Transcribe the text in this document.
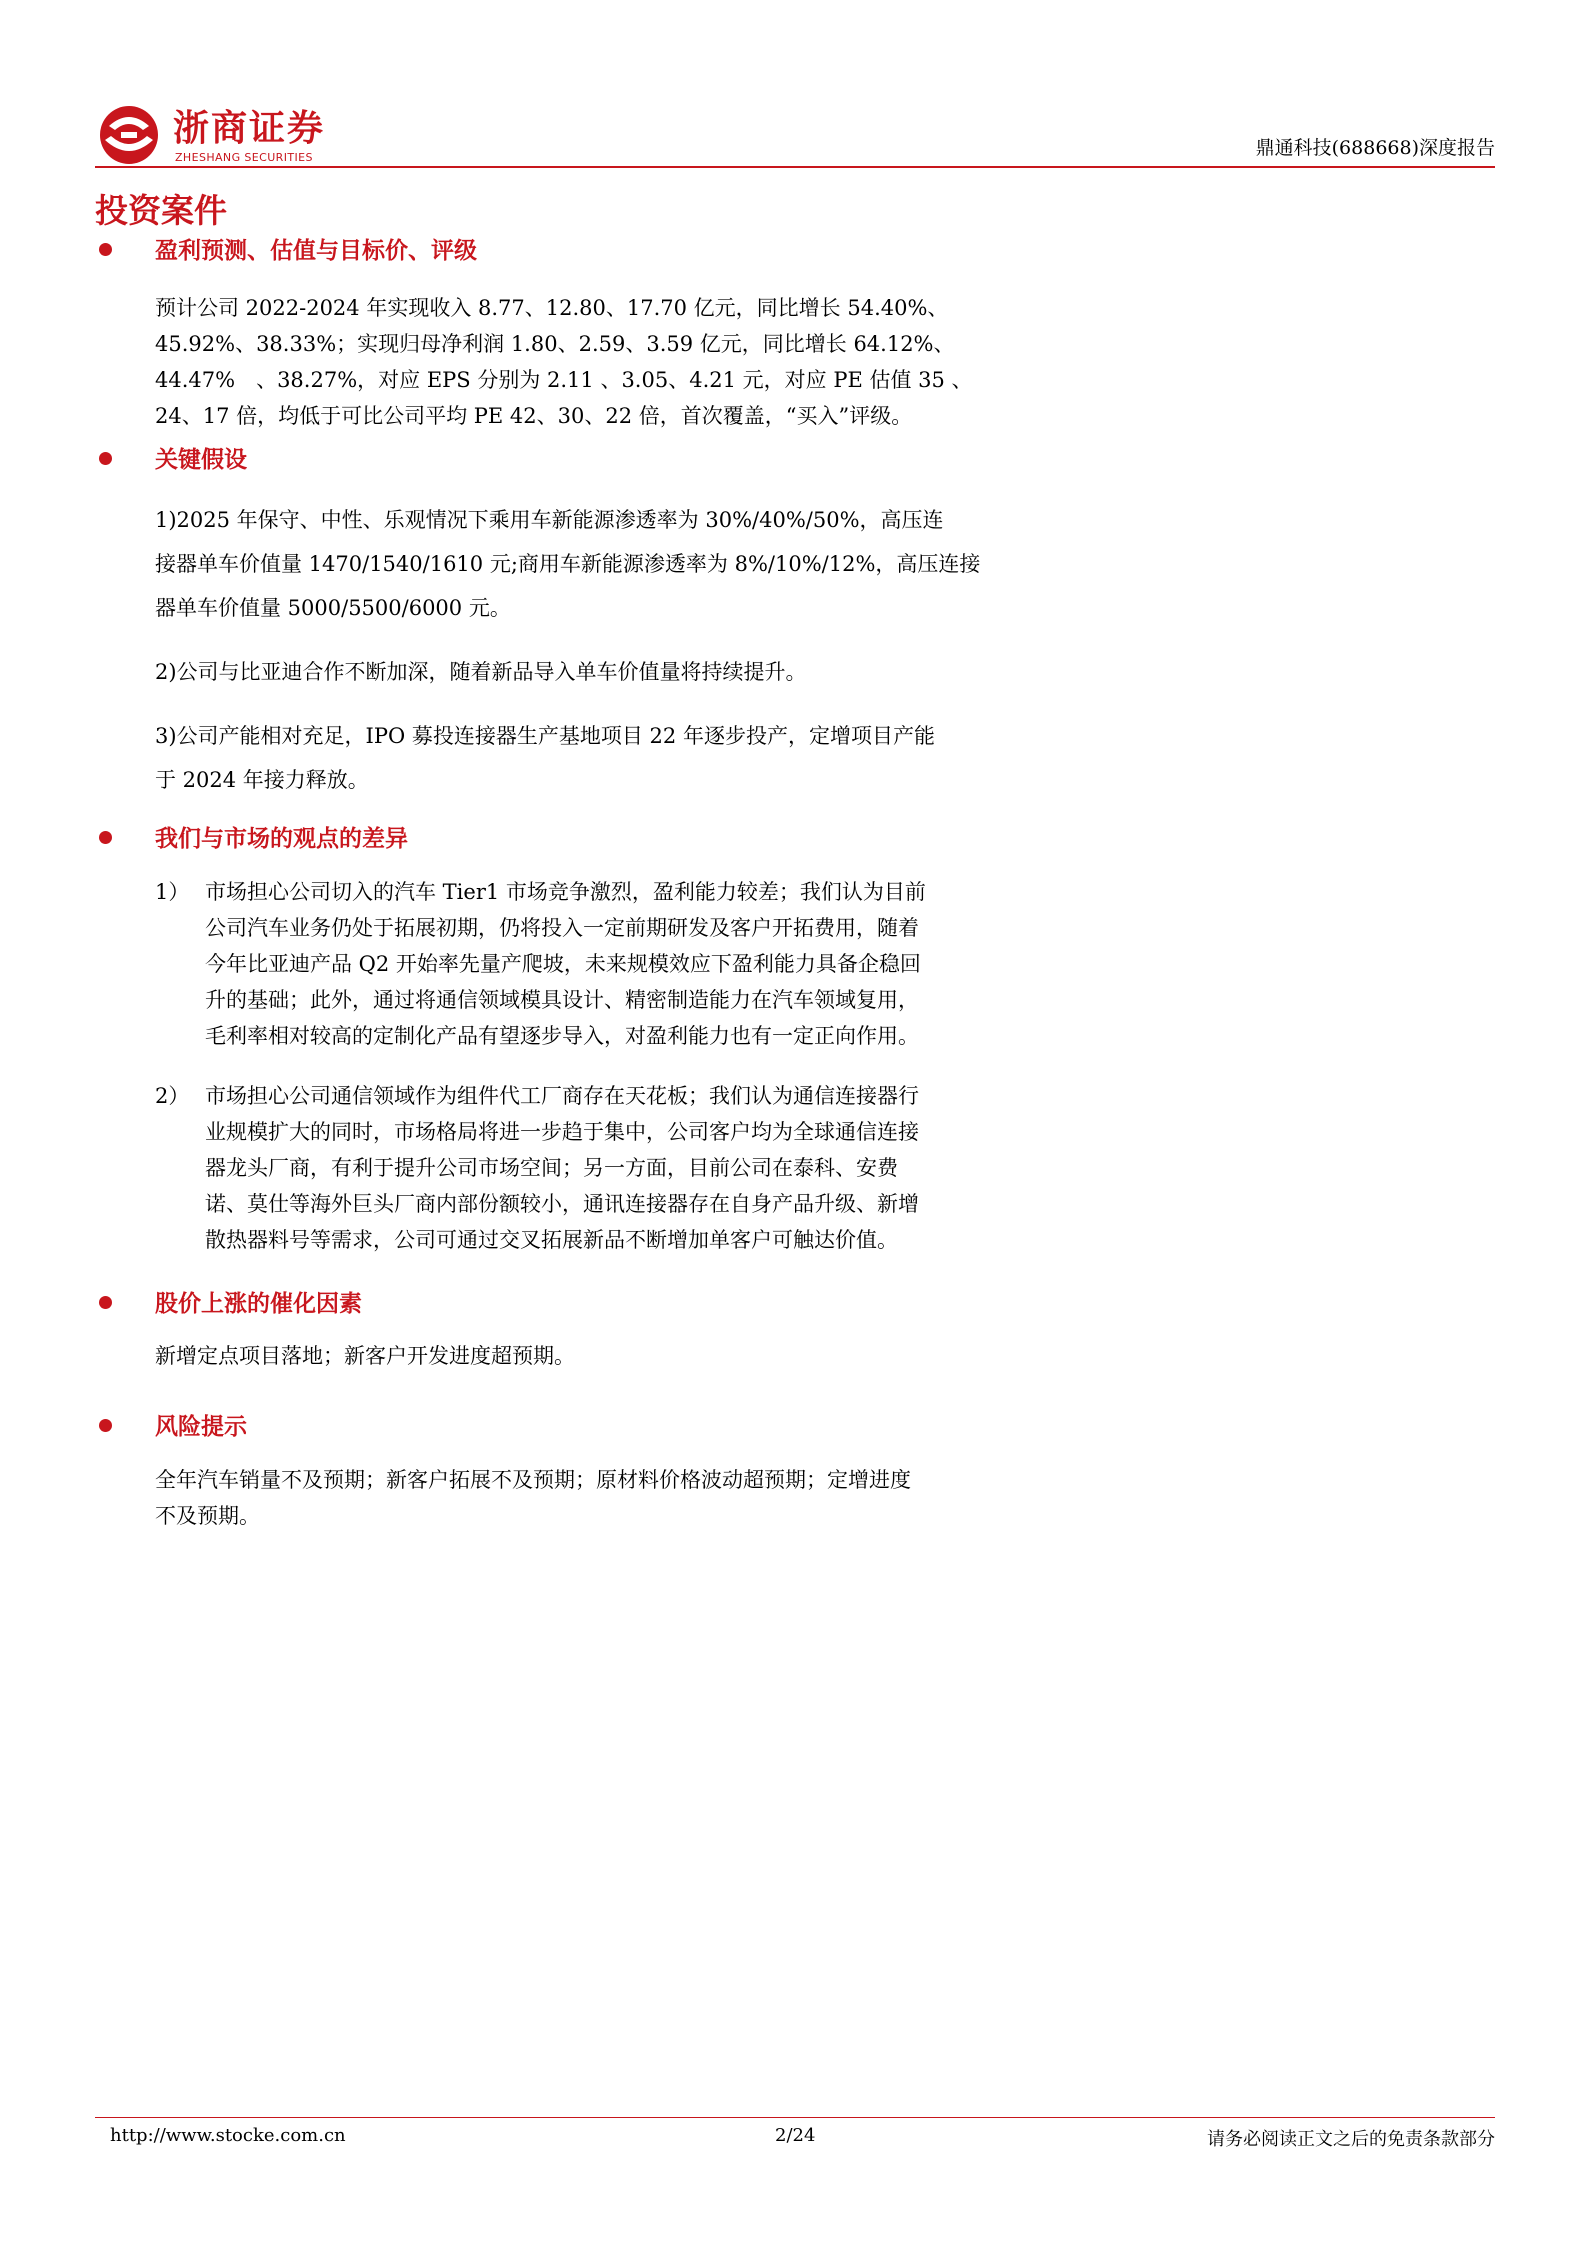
浙商证券
ZHESHANG SECURITIES	鼎通科技(688668)深度报告
投资案件
盈利预测、估值与目标价、评级
预计公司 2022-2024 年实现收入 8.77、12.80、17.70 亿元，同比增长 54.40%、
45.92%、38.33%；实现归母净利润 1.80、2.59、3.59 亿元，同比增长 64.12%、
44.47%　、38.27%，对应 EPS 分别为 2.11 、3.05、4.21 元，对应 PE 估值 35 、
24、17 倍，均低于可比公司平均 PE 42、30、22 倍，首次覆盖，“买入”评级。
关键假设
1)2025 年保守、中性、乐观情况下乘用车新能源渗透率为 30%/40%/50%，高压连
接器单车价值量 1470/1540/1610 元;商用车新能源渗透率为 8%/10%/12%，高压连接
器单车价值量 5000/5500/6000 元。
2)公司与比亚迪合作不断加深，随着新品导入单车价值量将持续提升。
3)公司产能相对充足，IPO 募投连接器生产基地项目 22 年逐步投产，定增项目产能
于 2024 年接力释放。
我们与市场的观点的差异
1） 市场担心公司切入的汽车 Tier1 市场竞争激烈，盈利能力较差；我们认为目前
公司汽车业务仍处于拓展初期，仍将投入一定前期研发及客户开拓费用，随着
今年比亚迪产品 Q2 开始率先量产爬坡，未来规模效应下盈利能力具备企稳回
升的基础；此外，通过将通信领域模具设计、精密制造能力在汽车领域复用，
毛利率相对较高的定制化产品有望逐步导入，对盈利能力也有一定正向作用。
2） 市场担心公司通信领域作为组件代工厂商存在天花板；我们认为通信连接器行
业规模扩大的同时，市场格局将进一步趋于集中，公司客户均为全球通信连接
器龙头厂商，有利于提升公司市场空间；另一方面，目前公司在泰科、安费
诺、莫仕等海外巨头厂商内部份额较小，通讯连接器存在自身产品升级、新增
散热器料号等需求，公司可通过交叉拓展新品不断增加单客户可触达价值。
股价上涨的催化因素
新增定点项目落地；新客户开发进度超预期。
风险提示
全年汽车销量不及预期；新客户拓展不及预期；原材料价格波动超预期；定增进度
不及预期。
http://www.stocke.com.cn	2/24	请务必阅读正文之后的免责条款部分
